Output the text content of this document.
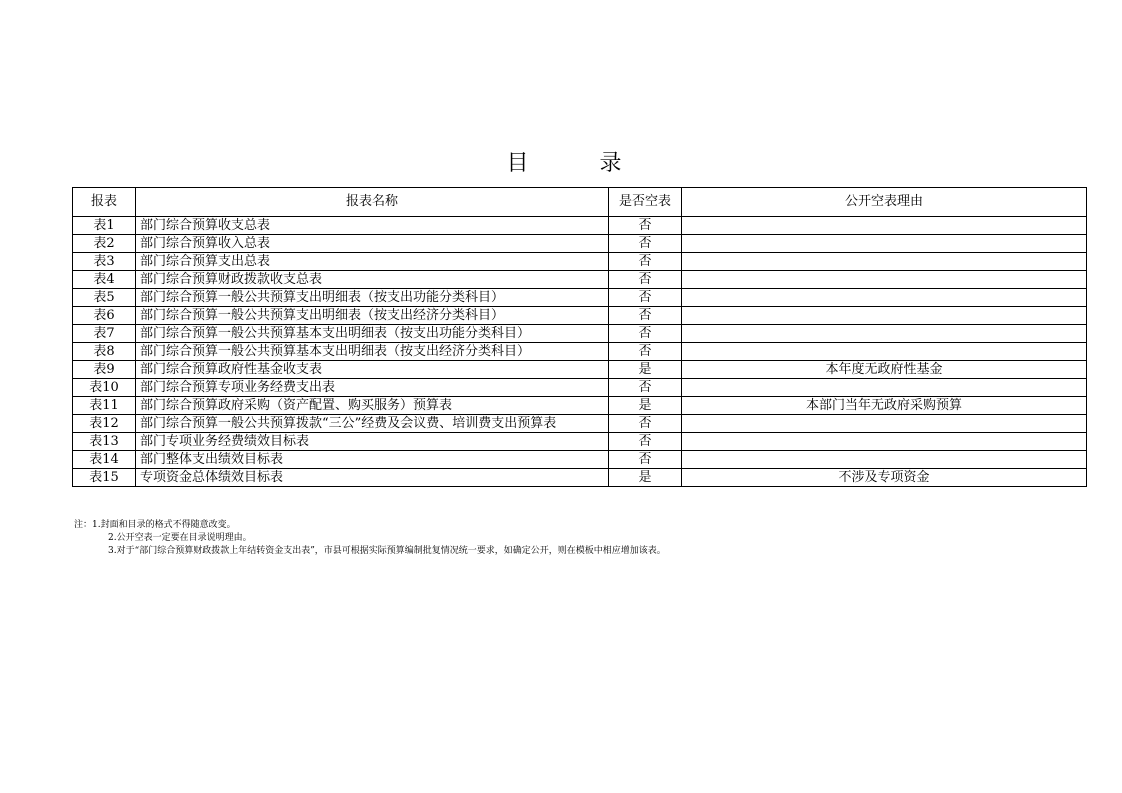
目 录
报表	报表名称	是否空表	公开空表理由
表1	部门综合预算收支总表	否	
表2	部门综合预算收入总表	否	
表3	部门综合预算支出总表	否	
表4	部门综合预算财政拨款收支总表	否	
表5	部门综合预算一般公共预算支出明细表（按支出功能分类科目）	否	
表6	部门综合预算一般公共预算支出明细表（按支出经济分类科目）	否	
表7	部门综合预算一般公共预算基本支出明细表（按支出功能分类科目）	否	
表8	部门综合预算一般公共预算基本支出明细表（按支出经济分类科目）	否	
表9	部门综合预算政府性基金收支表	是	本年度无政府性基金
表10	部门综合预算专项业务经费支出表	否	
表11	部门综合预算政府采购（资产配置、购买服务）预算表	是	本部门当年无政府采购预算
表12	部门综合预算一般公共预算拨款“三公”经费及会议费、培训费支出预算表	否	
表13	部门专项业务经费绩效目标表	否	
表14	部门整体支出绩效目标表	否	
表15	专项资金总体绩效目标表	是	不涉及专项资金
注：1.封面和目录的格式不得随意改变。
2.公开空表一定要在目录说明理由。
3.对于“部门综合预算财政拨款上年结转资金支出表”，市县可根据实际预算编制批复情况统一要求，如确定公开，则在模板中相应增加该表。
